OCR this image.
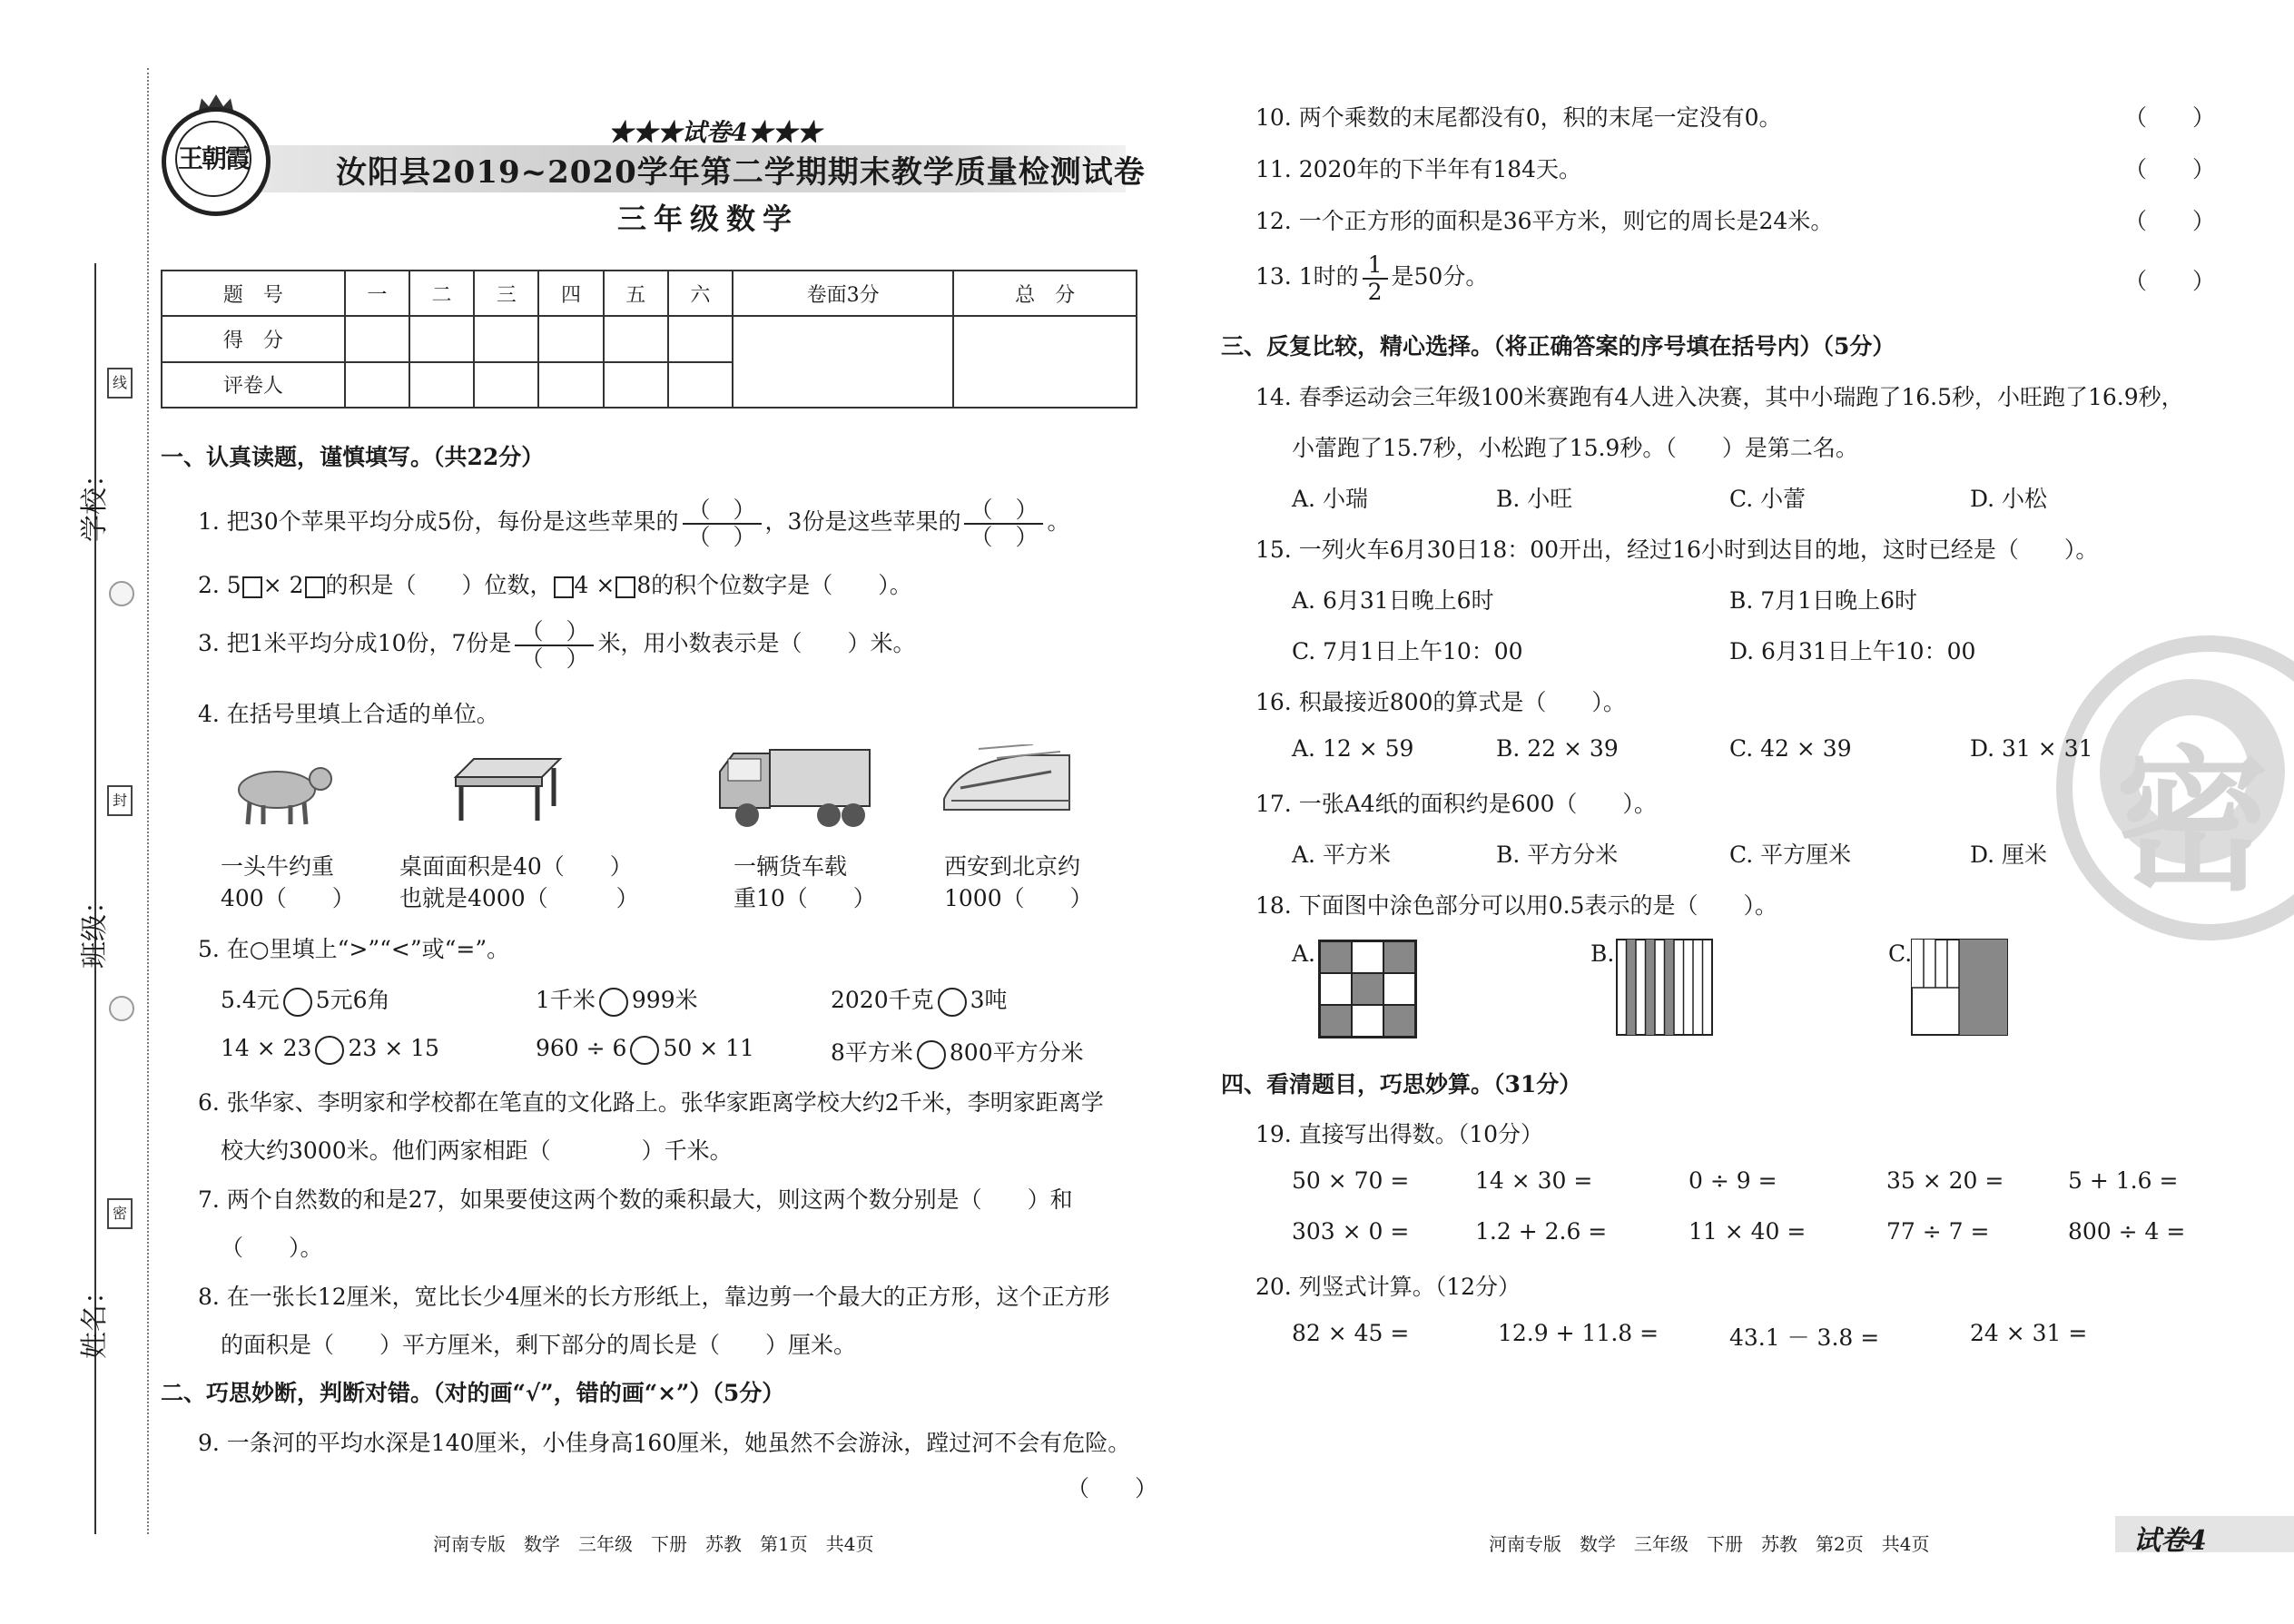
学校：
班级：
姓名：
线
封
密
王朝霞
★★★试卷4★★★
汝阳县2019~2020学年第二学期期末教学质量检测试卷
三年级数学
题　号	一	二	三	四	五	六	卷面3分	总　分
得　分								
评卷人								
一、认真读题，谨慎填写。（共22分）
1. 把30个苹果平均分成5份，每份是这些苹果的 $\frac{( )}{( )}$ ，3份是这些苹果的 $\frac{( )}{( )}$ 。
2. 5 × 2 的积是（　　）位数， 4 × 8的积个位数字是（　　）。
3. 把1米平均分成10份，7份是 $\frac{( )}{( )}$ 米，用小数表示是（　　）米。
4. 在括号里填上合适的单位。
一头牛约重
400（　　）
桌面面积是40（　　）
也就是4000（　　　）
一辆货车载
重10（　　）
西安到北京约
1000（　　）
5. 在○里填上“>”“<”或“=”。
5.4元 5元6角	1千米 999米	2020千克 3吨
14 × 23 23 × 15	960 ÷ 6 50 × 11	8平方米 800平方分米
6. 张华家、李明家和学校都在笔直的文化路上。张华家距离学校大约2千米，李明家距离学
校大约3000米。他们两家相距（　　　　）千米。
7. 两个自然数的和是27，如果要使这两个数的乘积最大，则这两个数分别是（　　）和
（　　）。
8. 在一张长12厘米，宽比长少4厘米的长方形纸上，靠边剪一个最大的正方形，这个正方形
的面积是（　　）平方厘米，剩下部分的周长是（　　）厘米。
二、巧思妙断，判断对错。（对的画“√”，错的画“×”）（5分）
9. 一条河的平均水深是140厘米，小佳身高160厘米，她虽然不会游泳，蹚过河不会有危险。
（　　）
河南专版　数学　三年级　下册　苏教　第1页　共4页
密
10. 两个乘数的末尾都没有0，积的末尾一定没有0。	（　　）
11. 2020年的下半年有184天。	（　　）
12. 一个正方形的面积是36平方米，则它的周长是24米。	（　　）
13. 1时的 $\frac{1}{2}$ 是50分。	（　　）
三、反复比较，精心选择。（将正确答案的序号填在括号内）（5分）
14. 春季运动会三年级100米赛跑有4人进入决赛，其中小瑞跑了16.5秒，小旺跑了16.9秒，
小蕾跑了15.7秒，小松跑了15.9秒。（　　）是第二名。
A. 小瑞	B. 小旺	C. 小蕾	D. 小松
15. 一列火车6月30日18：00开出，经过16小时到达目的地，这时已经是（　　）。
A. 6月31日晚上6时	B. 7月1日晚上6时
C. 7月1日上午10：00	D. 6月31日上午10：00
16. 积最接近800的算式是（　　）。
A. 12 × 59	B. 22 × 39	C. 42 × 39	D. 31 × 31
17. 一张A4纸的面积约是600（　　）。
A. 平方米	B. 平方分米	C. 平方厘米	D. 厘米
18. 下面图中涂色部分可以用0.5表示的是（　　）。
A.	B.	C.
四、看清题目，巧思妙算。（31分）
19. 直接写出得数。（10分）
50 × 70 =	14 × 30 =	0 ÷ 9 =	35 × 20 =	5 + 1.6 =
303 × 0 =	1.2 + 2.6 =	11 × 40 =	77 ÷ 7 =	800 ÷ 4 =
20. 列竖式计算。（12分）
82 × 45 =	12.9 + 11.8 =	43.1 － 3.8 =	24 × 31 =
河南专版　数学　三年级　下册　苏教　第2页　共4页	试卷4
